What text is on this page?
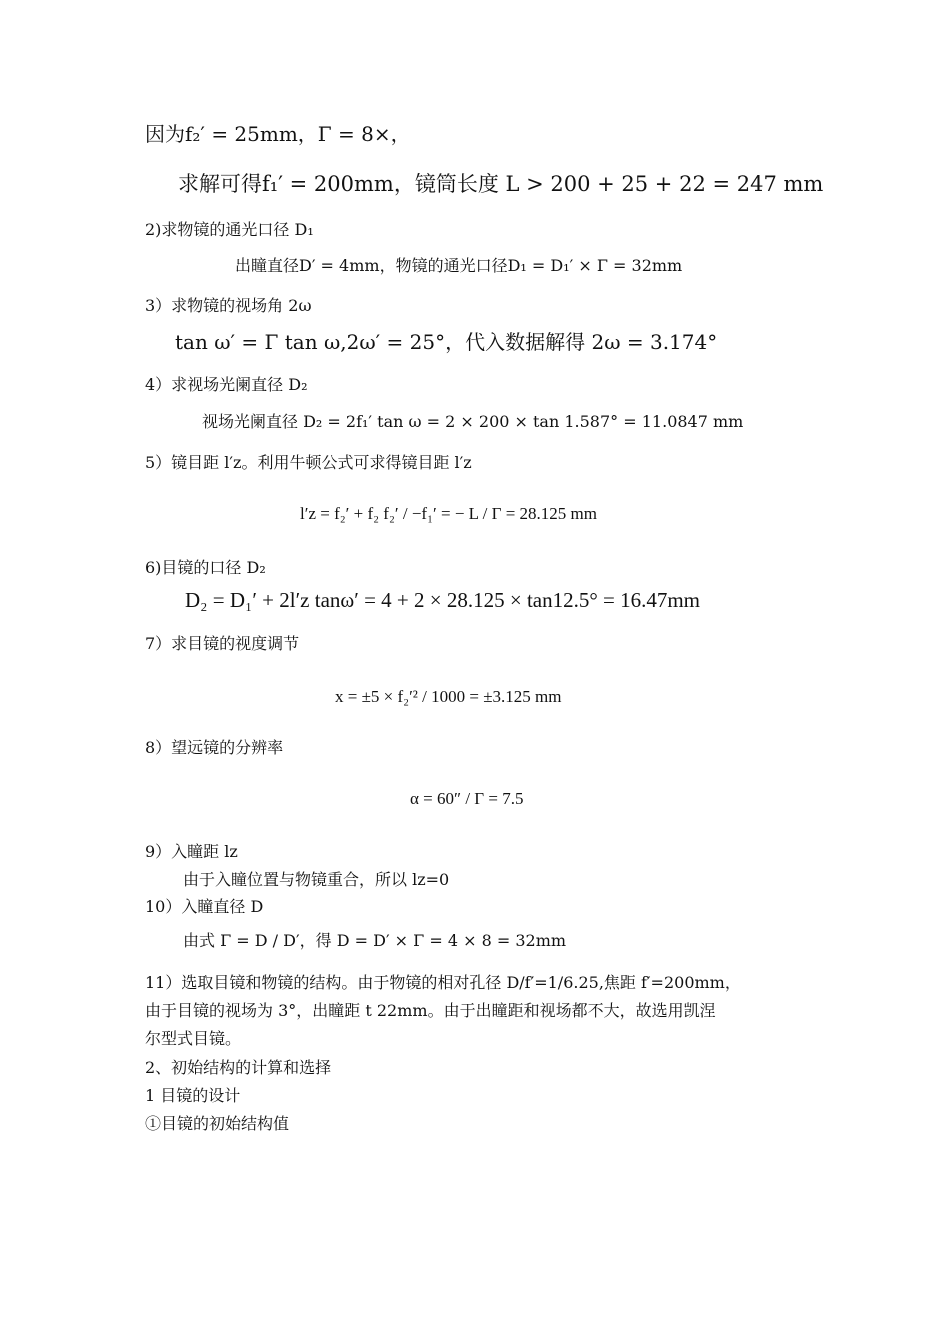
因为f₂′ = 25mm，Γ = 8×，
求解可得f₁′ = 200mm，镜筒长度 L > 200 + 25 + 22 = 247 mm
2)求物镜的通光口径 D₁
出瞳直径D′ = 4mm，物镜的通光口径D₁ = D₁′ × Γ = 32mm
3）求物镜的视场角 2ω
tan ω′ = Γ tan ω,2ω′ = 25°，代入数据解得 2ω = 3.174°
4）求视场光阑直径 D₂
视场光阑直径 D₂ = 2f₁′ tan ω = 2 × 200 × tan 1.587° = 11.0847 mm
5）镜目距 l′z。利用牛顿公式可求得镜目距 l′z
l′z = f₂′ + f₂ f₂′ / −f₁′ = − L / Γ = 28.125 mm
6)目镜的口径 D₂
D₂ = D₁′ + 2l′z tanω′ = 4 + 2 × 28.125 × tan12.5° = 16.47mm
7）求目镜的视度调节
x = ±5 × f₂′² / 1000 = ±3.125 mm
8）望远镜的分辨率
α = 60″ / Γ = 7.5
9）入瞳距 lz
由于入瞳位置与物镜重合，所以 lz=0
10）入瞳直径 D
由式 Γ = D / D′，得 D = D′ × Γ = 4 × 8 = 32mm
11）选取目镜和物镜的结构。由于物镜的相对孔径 D/f′=1/6.25,焦距 f′=200mm，
由于目镜的视场为 3°，出瞳距 t 22mm。由于出瞳距和视场都不大，故选用凯涅
尔型式目镜。
2、初始结构的计算和选择
1 目镜的设计
①目镜的初始结构值
